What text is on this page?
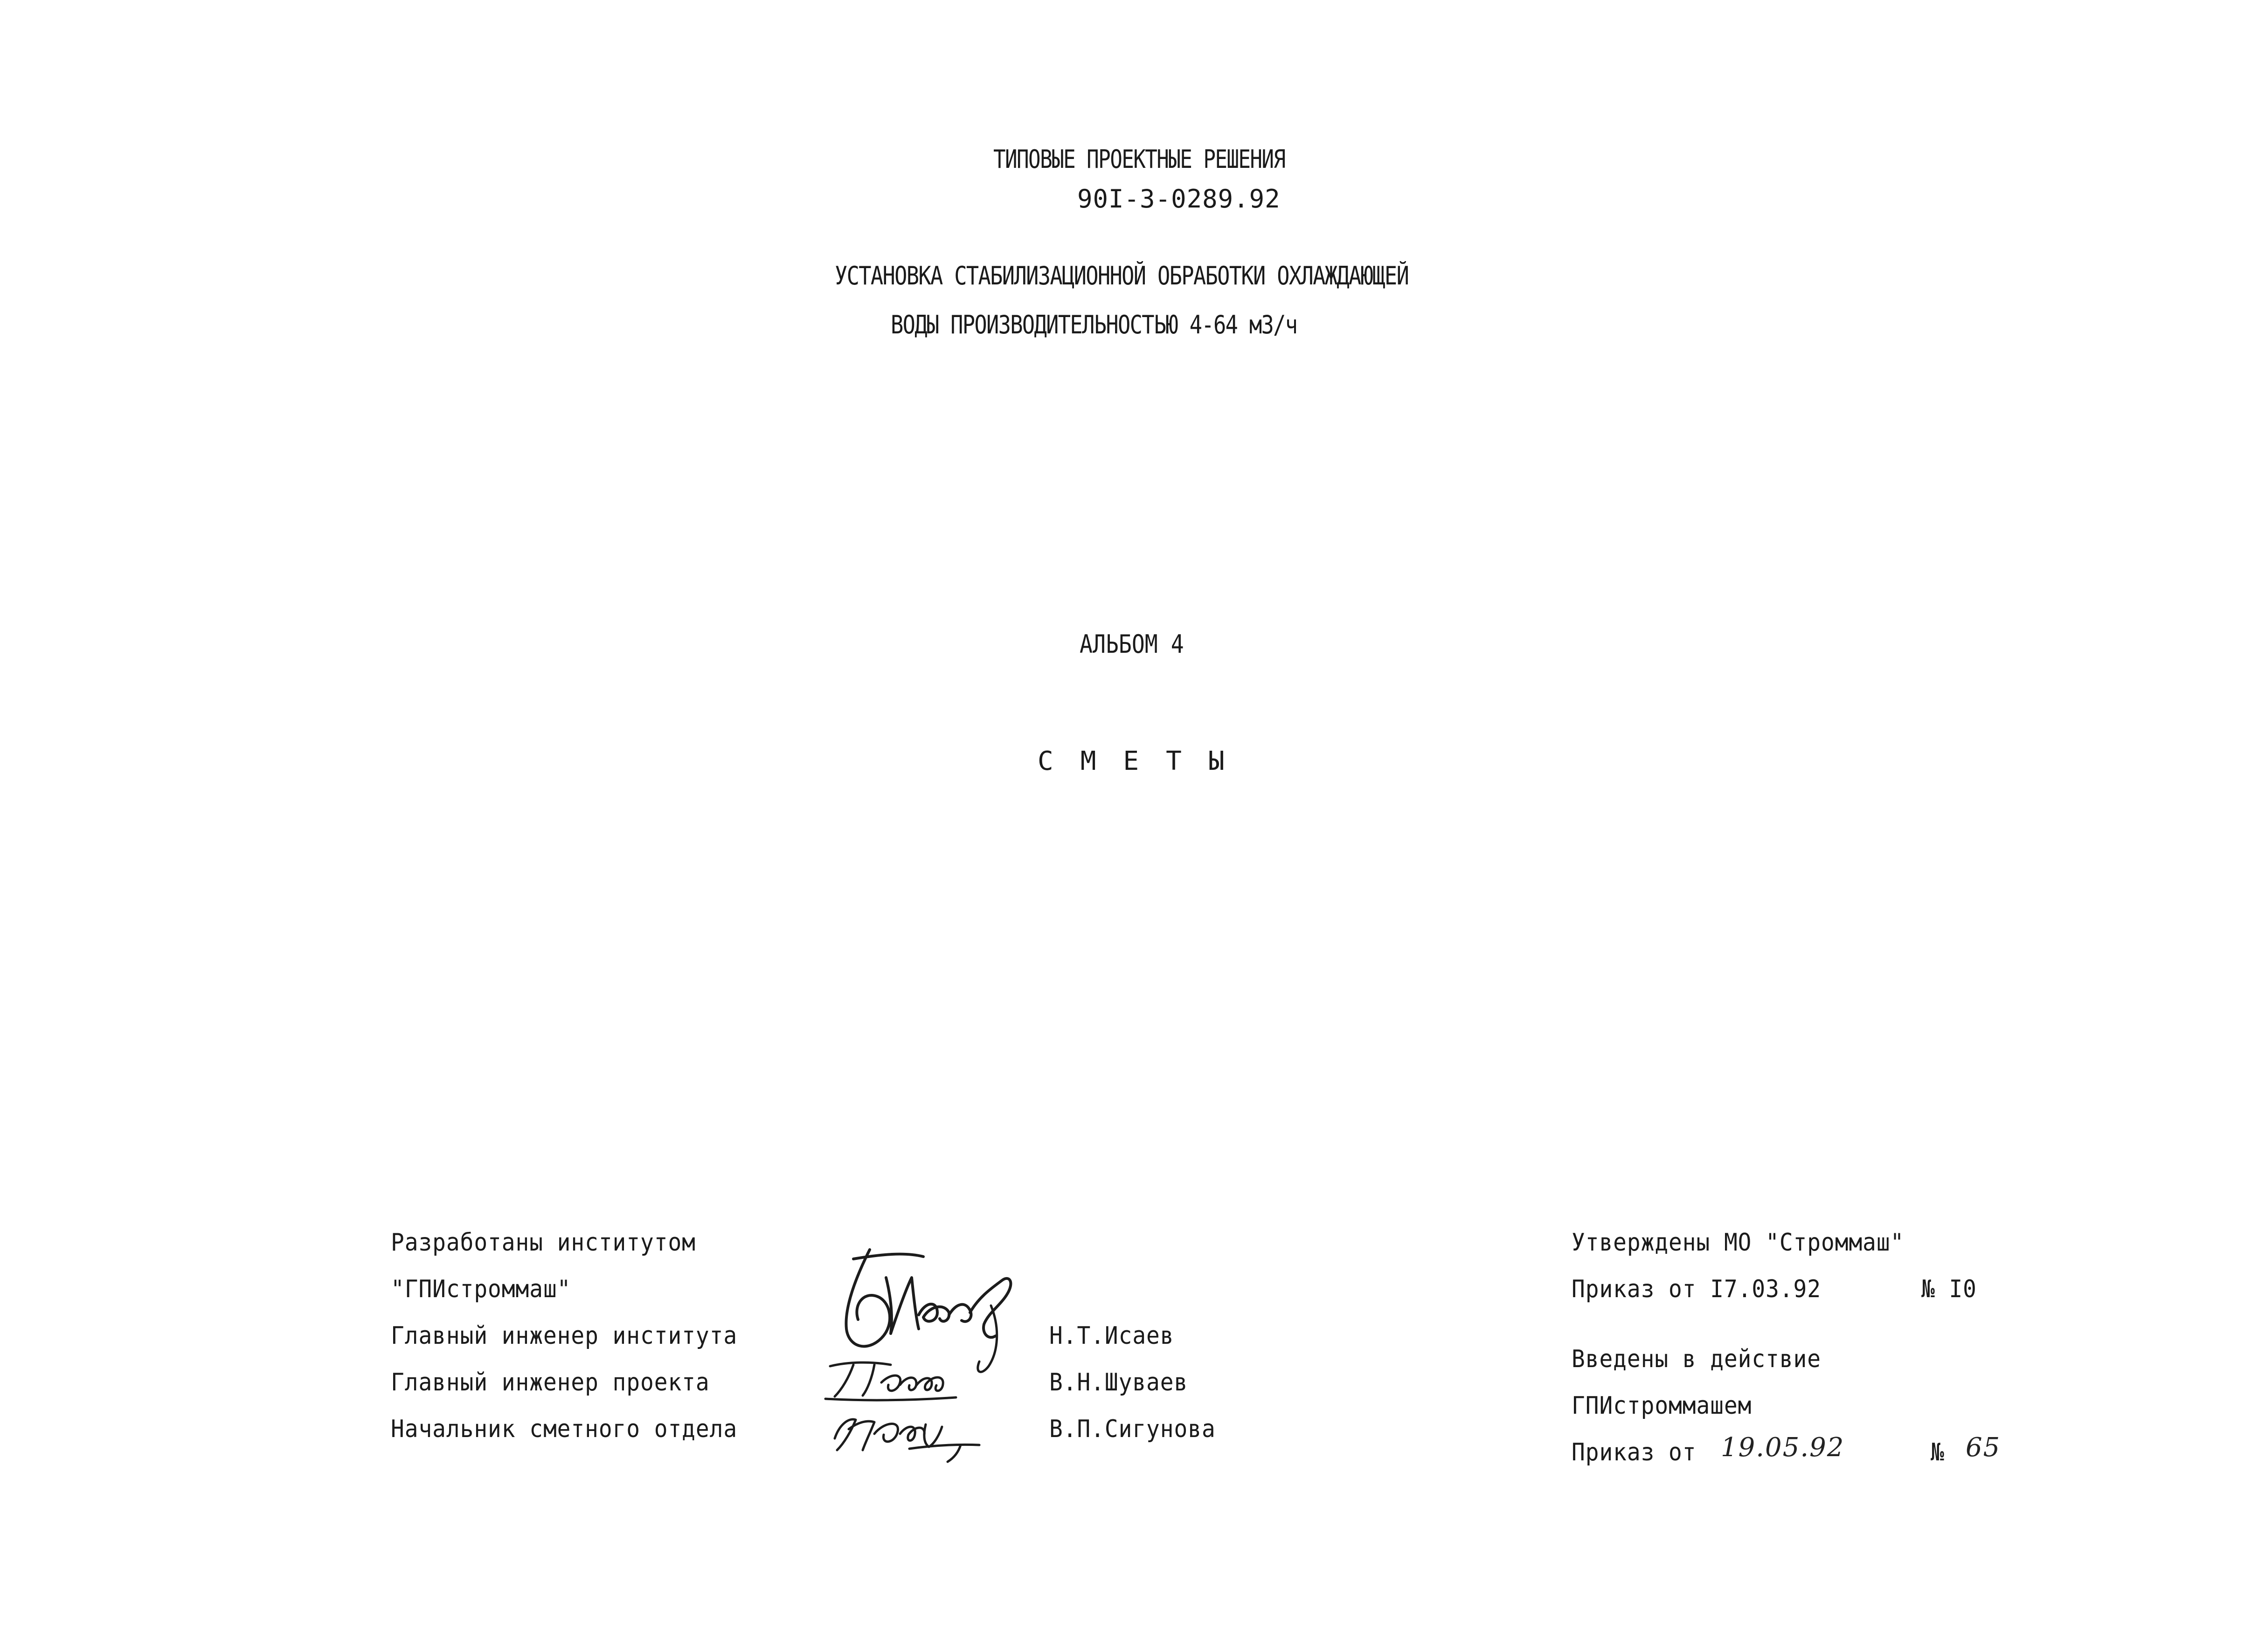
ТИПОВЫЕ ПРОЕКТНЫЕ РЕШЕНИЯ
90I-3-0289.92
УСТАНОВКА СТАБИЛИЗАЦИОННОЙ ОБРАБОТКИ ОХЛАЖДАЮЩЕЙ
ВОДЫ ПРОИЗВОДИТЕЛЬНОСТЬЮ 4-64 м3/ч
АЛЬБОМ 4
СМЕТЫ
Разработаны институтом
"ГПИстроммаш"
Главный инженер института
Главный инженер проекта
Начальник сметного отдела
Н.Т.Исаев
В.Н.Шуваев
В.П.Сигунова
Утверждены МО "Строммаш"
Приказ от I7.03.92	№ I0
Введены в действие
ГПИстроммашем
Приказ от 19.05.92	№ 65
